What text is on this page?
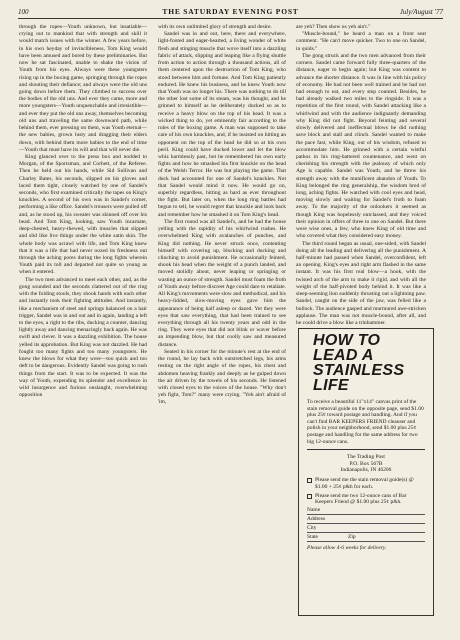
100	THE SATURDAY EVENING POST	July/August '77

through the ropes—Youth unknown, but insatiable—crying out to mankind that with strength and skill it would match issues with the winner. A few years before, in his own heyday of invincibleness, Tom King would have been amused and bored by these preliminaries. But now he sat fascinated, unable to shake the vision of Youth from his eyes. Always were these youngsters rising up in the boxing game, springing through the ropes and shouting their defiance; and always were the old uns going down before them. They climbed to success over the bodies of the old uns. And ever they came, more and more youngsters—Youth unquenchable and irresistible—and ever they put the old uns away, themselves becoming old uns and traveling the same downward path, while behind them, ever pressing on them, was Youth eternal—the new babies, grown lusty and dragging their elders down, with behind them more babies to the end of time—Youth that must have its will and that will never die.

King glanced over to the press box and nodded to Morgan, of the Sportsman, and Corbett, of the Referee. Then he held out his hands, while Sid Sullivan and Charley Bates, his seconds, slipped on his gloves and laced them tight, closely watched by one of Sandel's seconds, who first examined critically the tapes on King's knuckles. A second of his own was in Sandel's corner, performing a like office. Sandel's trousers were pulled off and, as he stood up, his sweater was skinned off over his head. And Tom King, looking, saw Youth incarnate, deep-chested, heavy-thewed, with muscles that slipped and slid like live things under the white satin skin. The whole body was acrawl with life, and Tom King knew that it was a life that had never oozed its freshness out through the aching pores during the long fights wherein Youth paid its toll and departed not quite so young as when it entered.

The two men advanced to meet each other, and, as the gong sounded and the seconds clattered out of the ring with the folding stools, they shook hands with each other and instantly took their fighting attitudes. And instantly, like a mechanism of steel and springs balanced on a hair trigger, Sandel was in and out and in again, landing a left to the eyes, a right to the ribs, ducking a counter, dancing lightly away and dancing menacingly back again. He was swift and clever. It was a dazzling exhibition. The house yelled its approbation. But King was not dazzled. He had fought too many fights and too many youngsters. He knew the blows for what they were—too quick and too deft to be dangerous. Evidently Sandel was going to rush things from the start. It was to be expected. It was the way of Youth, expending its splendor and excellence in wild insurgence and furious onslaught, overwhelming opposition

with its own unlimited glory of strength and desire.

Sandel was in and out, here, there and everywhere, light-footed and eager-hearted, a living wonder of white flesh and stinging muscle that wove itself into a dazzling fabric of attack, slipping and leaping like a flying shuttle from action to action through a thousand actions, all of them centered upon the destruction of Tom King, who stood between him and fortune. And Tom King patiently endured. He knew his business, and he knew Youth now that Youth was no longer his. There was nothing to do till the other lost some of its steam, was his thought, and he grinned to himself as he deliberately ducked so as to receive a heavy blow on the top of his head. It was a wicked thing to do, yet eminently fair according to the rules of the boxing game. A man was supposed to take care of his own knuckles, and, if he insisted on hitting an opponent on the top of the head he did so at his own peril. King could have ducked lower and let the blow whiz harmlessly past, but he remembered his own early fights and how he smashed his first knuckle on the head of the Welsh Terror. He was but playing the game. That duck had accounted for one of Sandel's knuckles. Not that Sandel would mind it now. He would go on, superbly regardless, hitting as hard as ever throughout the fight. But later on, when the long ring battles had begun to tell, he would regret that knuckle and look back and remember how he smashed it on Tom King's head.

The first round was all Sandel's, and he had the house yelling with the rapidity of his whirlwind rushes. He overwhelmed King with avalanches of punches, and King did nothing. He never struck once, contenting himself with covering up, blocking and ducking and clinching to avoid punishment. He occasionally feinted, shook his head when the weight of a punch landed, and moved stolidly about, never leaping or springing or wasting an ounce of strength. Sandel must foam the froth of Youth away before discreet Age could dare to retaliate. All King's movements were slow and methodical, and his heavy-lidded, slow-moving eyes gave him the appearance of being half asleep or dazed. Yet they were eyes that saw everything, that had been trained to see everything through all his twenty years and odd in the ring. They were eyes that did not blink or waver before an impending blow, but that coolly saw and measured distance.

Seated in his corner for the minute's rest at the end of the round, he lay back with outstretched legs, his arms resting on the right angle of the ropes, his chest and abdomen heaving frankly and deeply as he gulped down the air driven by the towels of his seconds. He listened with closed eyes to the voices of the house. "Why don't yeh fight, Tom?" many were crying. "Yeh ain't afraid of 'im,

are yeh? Then show us yeh ain't."

"Muscle-bound," he heard a man on a front seat comment. "He can't move quicker. Two to one on Sandel, in quids."

The gong struck and the two men advanced from their corners. Sandel came forward fully three-quarters of the distance, eager to begin again; but King was content to advance the shorter distance. It was in line with his policy of economy. He had not been well trained and he had not had enough to eat, and every step counted. Besides, he had already walked two miles to the ringside. It was a repetition of the first round, with Sandel attacking like a whirlwind and with the audience indignantly demanding why King did not fight. Beyond feinting and several slowly delivered and ineffectual blows he did nothing save block and stall and clinch. Sandel wanted to make the pace fast, while King, out of his wisdom, refused to accommodate him. He grinned with a certain wistful pathos in his ring-battered countenance, and went on cherishing his strength with the jealousy of which only Age is capable. Sandel was Youth, and he threw his strength away with the munificent abandon of Youth. To King belonged the ring generalship, the wisdom bred of long, aching fights. He watched with cool eyes and head, moving slowly and waiting for Sandel's froth to foam away. To the majority of the onlookers it seemed as though King was hopelessly outclassed, and they voiced their opinion in offers of three to one on Sandel. But there were wise ones, a few, who knew King of old time and who covered what they considered easy money.

The third round began as usual, one-sided, with Sandel doing all the leading and delivering all the punishment. A half-minute had passed when Sandel, overconfident, left an opening. King's eyes and right arm flashed in the same instant. It was his first real blow—a hook, with the twisted arch of the arm to make it rigid, and with all the weight of the half-pivoted body behind it. It was like a sleep-seeming lion suddenly thrusting out a lightning paw. Sandel, caught on the side of the jaw, was felled like a bullock. The audience gasped and murmured awe-stricken applause. The man was not muscle-bound, after all, and he could drive a blow like a triphammer.

HOW TO LEAD A STAINLESS LIFE
To receive a beautiful 11"x14" canvas print of the stain removal guide on the opposite page, send $1.00 plus 25¢ toward postage and handling. And if you can't find BAR KEEPERS FRIEND cleanser and polish in your neighborhood, send $1.00 plus 25¢ postage and handling for the same address for two big 12-ounce cans.
The Trading Post
P.O. Box 567B
Indianapolis, IN 46206
Please send me the stain removal guide(s) @ $1.00 + 25¢ p&h for each.
Please send me two 12-ounce cans of Bar Keepers Friend @ $1.00 plus 25¢ p&h.
Name
Address
City
State	Zip
Please allow 4-6 weeks for delivery.
